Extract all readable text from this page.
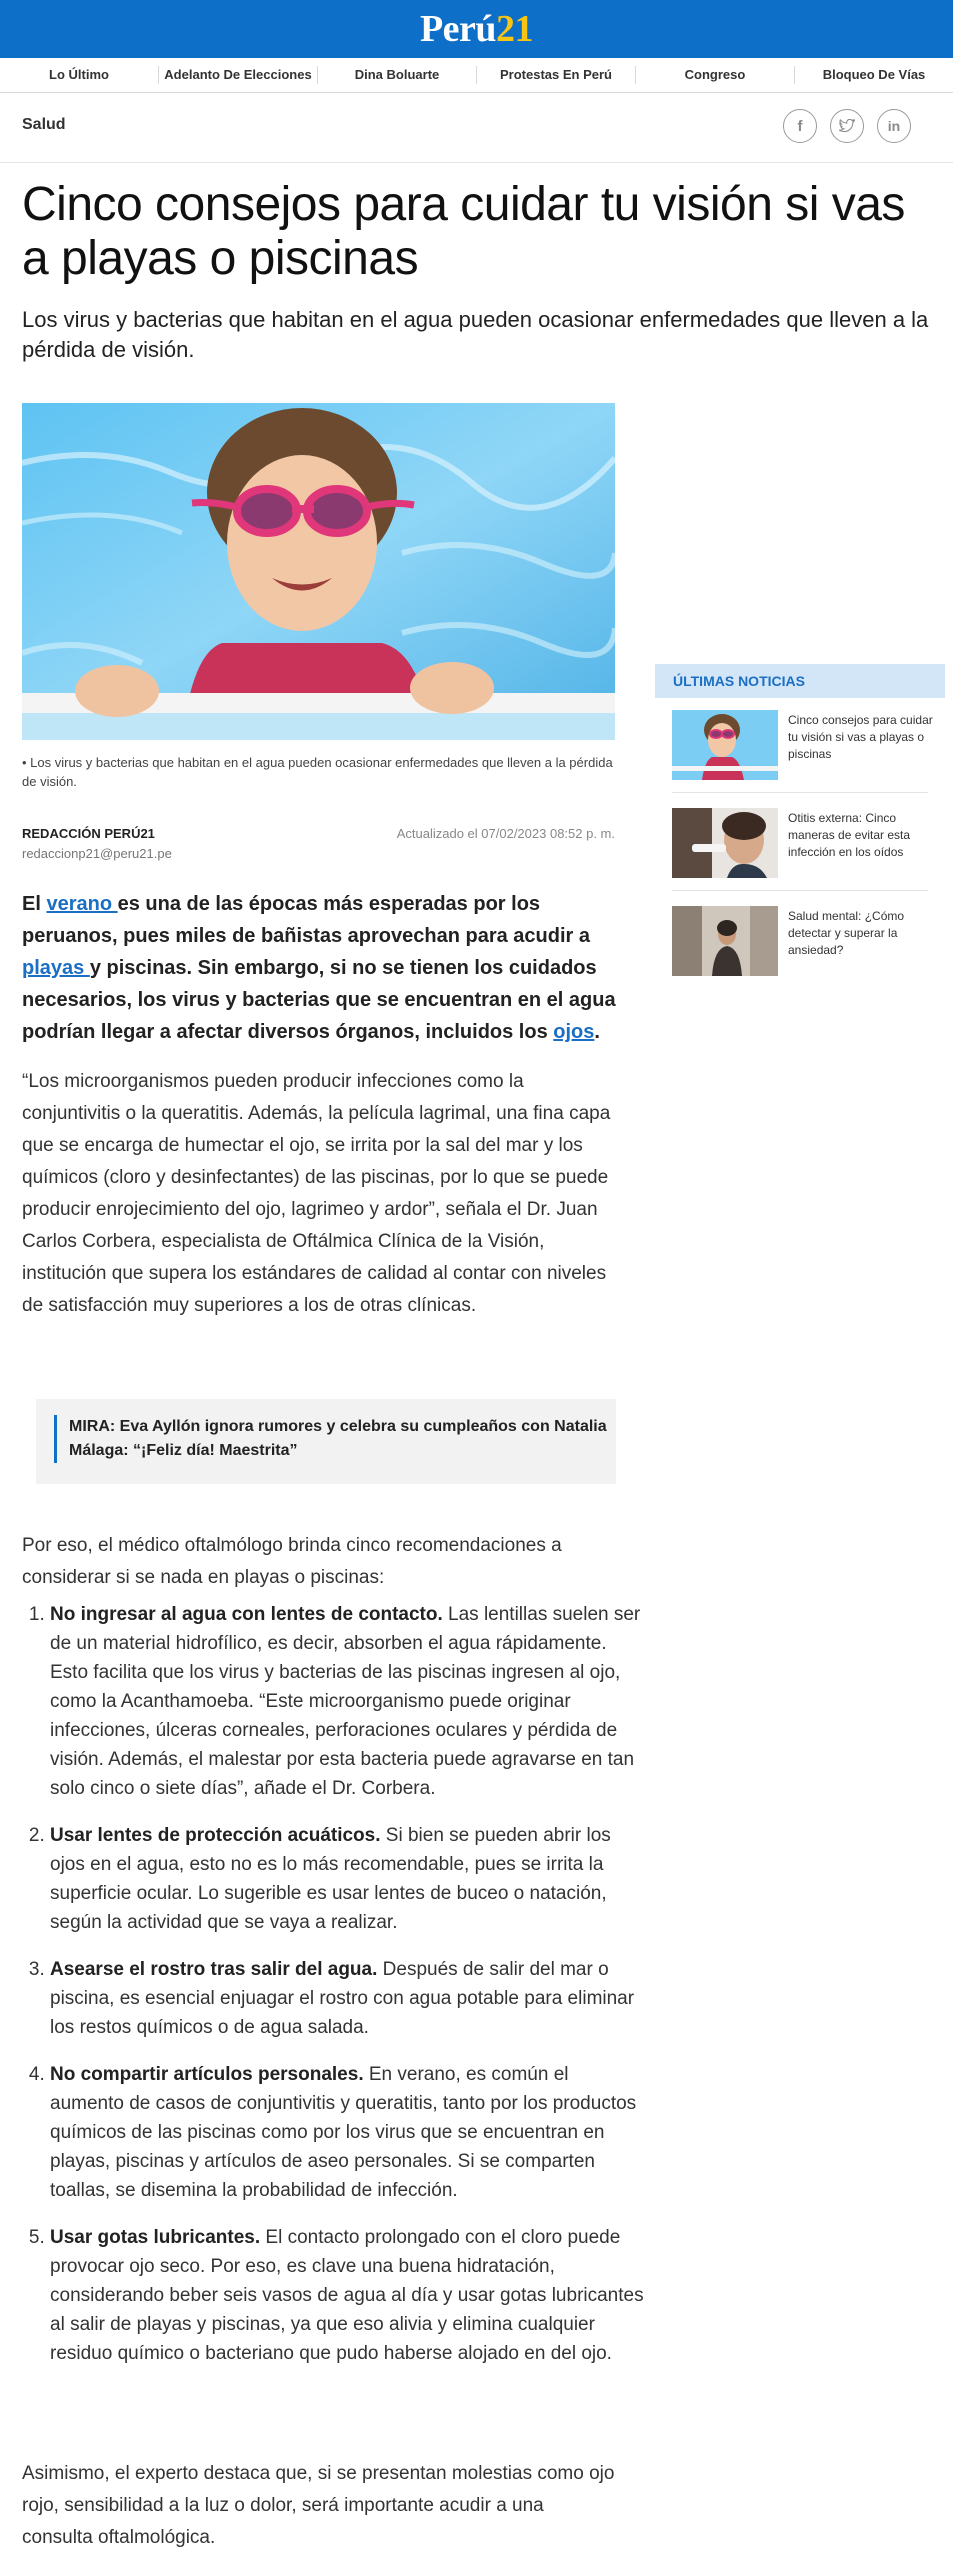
Perú21
Lo Último	Adelanto De Elecciones	Dina Boluarte	Protestas En Perú	Congreso	Bloqueo De Vías
Salud	f	in
Cinco consejos para cuidar tu visión si vas a playas o piscinas

Los virus y bacterias que habitan en el agua pueden ocasionar enfermedades que lleven a la pérdida de visión.

• Los virus y bacterias que habitan en el agua pueden ocasionar enfermedades que lleven a la pérdida de visión.
REDACCIÓN PERÚ21
redaccionp21@peru21.pe
Actualizado el 07/02/2023 08:52 p. m.

El verano es una de las épocas más esperadas por los peruanos, pues miles de bañistas aprovechan para acudir a playas y piscinas. Sin embargo, si no se tienen los cuidados necesarios, los virus y bacterias que se encuentran en el agua podrían llegar a afectar diversos órganos, incluidos los ojos.

“Los microorganismos pueden producir infecciones como la conjuntivitis o la queratitis. Además, la película lagrimal, una fina capa que se encarga de humectar el ojo, se irrita por la sal del mar y los químicos (cloro y desinfectantes) de las piscinas, por lo que se puede producir enrojecimiento del ojo, lagrimeo y ardor”, señala el Dr. Juan Carlos Corbera, especialista de Oftálmica Clínica de la Visión, institución que supera los estándares de calidad al contar con niveles de satisfacción muy superiores a los de otras clínicas.

MIRA: Eva Ayllón ignora rumores y celebra su cumpleaños con Natalia Málaga: “¡Feliz día! Maestrita”

Por eso, el médico oftalmólogo brinda cinco recomendaciones a considerar si se nada en playas o piscinas:

1. No ingresar al agua con lentes de contacto. Las lentillas suelen ser de un material hidrofílico, es decir, absorben el agua rápidamente. Esto facilita que los virus y bacterias de las piscinas ingresen al ojo, como la Acanthamoeba. “Este microorganismo puede originar infecciones, úlceras corneales, perforaciones oculares y pérdida de visión. Además, el malestar por esta bacteria puede agravarse en tan solo cinco o siete días”, añade el Dr. Corbera.
2. Usar lentes de protección acuáticos. Si bien se pueden abrir los ojos en el agua, esto no es lo más recomendable, pues se irrita la superficie ocular. Lo sugerible es usar lentes de buceo o natación, según la actividad que se vaya a realizar.
3. Asearse el rostro tras salir del agua. Después de salir del mar o piscina, es esencial enjuagar el rostro con agua potable para eliminar los restos químicos o de agua salada.
4. No compartir artículos personales. En verano, es común el aumento de casos de conjuntivitis y queratitis, tanto por los productos químicos de las piscinas como por los virus que se encuentran en playas, piscinas y artículos de aseo personales. Si se comparten toallas, se disemina la probabilidad de infección.
5. Usar gotas lubricantes. El contacto prolongado con el cloro puede provocar ojo seco. Por eso, es clave una buena hidratación, considerando beber seis vasos de agua al día y usar gotas lubricantes al salir de playas y piscinas, ya que eso alivia y elimina cualquier residuo químico o bacteriano que pudo haberse alojado en del ojo.

Asimismo, el experto destaca que, si se presentan molestias como ojo rojo, sensibilidad a la luz o dolor, será importante acudir a una consulta oftalmológica.

ÚLTIMAS NOTICIAS
Cinco consejos para cuidar tu visión si vas a playas o piscinas
Otitis externa: Cinco maneras de evitar esta infección en los oídos
Salud mental: ¿Cómo detectar y superar la ansiedad?
